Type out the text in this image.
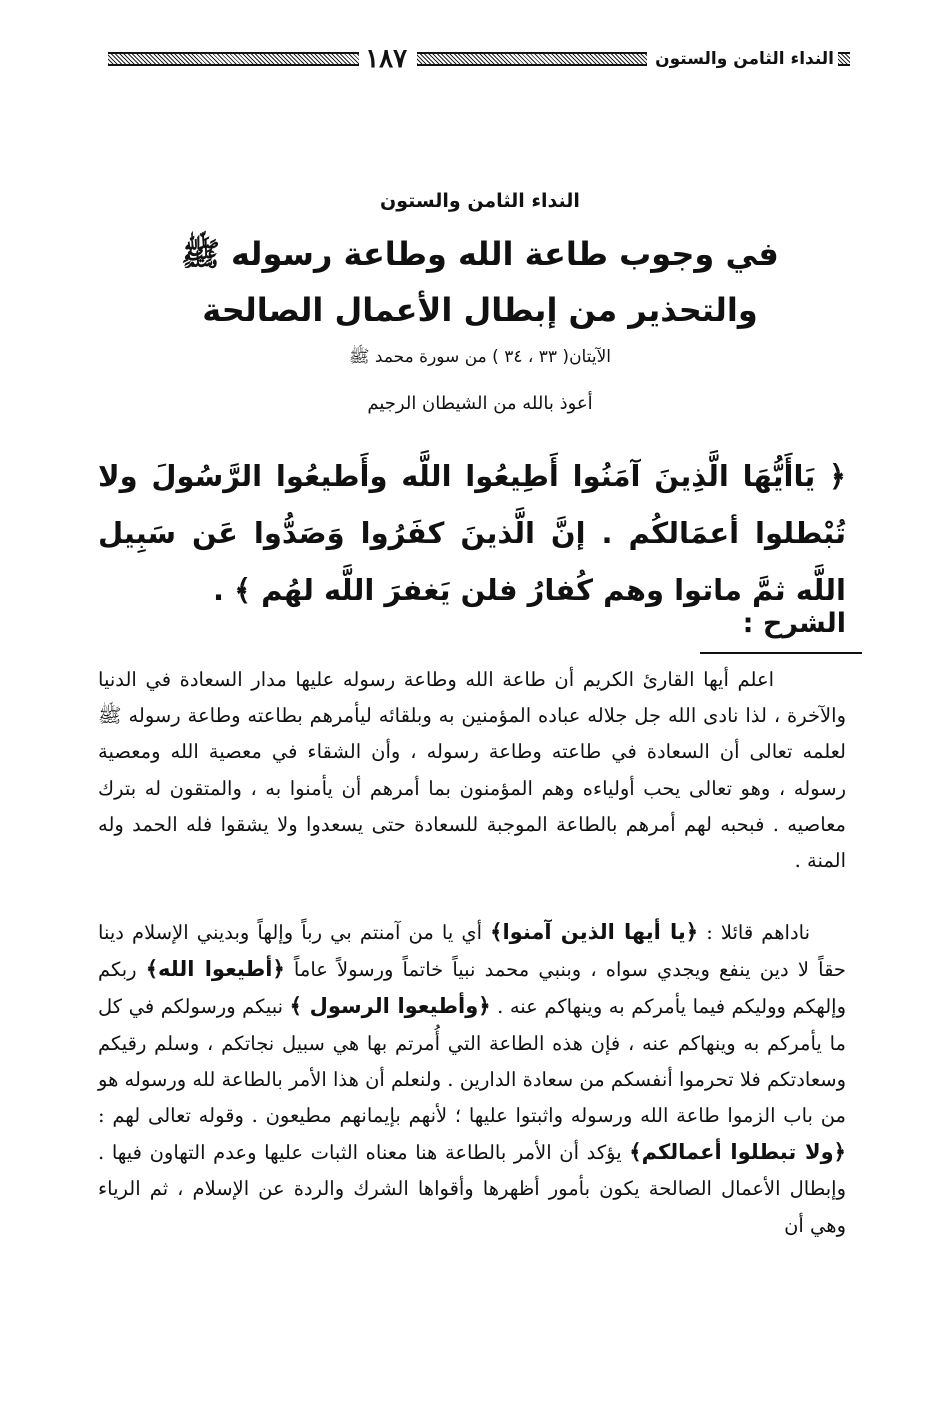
النداء الثامن والستون
١٨٧
النداء الثامن والستون
في وجوب طاعة الله وطاعة رسوله ﷺ
والتحذير من إبطال الأعمال الصالحة
الآيتان( ٣٣ ، ٣٤ ) من سورة محمد ﷺ
أعوذ بالله من الشيطان الرجيم
﴿ يَاأَيُّهَا الَّذِينَ آمَنُوا أَطِيعُوا اللَّه وأَطيعُوا الرَّسُولَ ولا تُبْطلوا أعمَالكُم . إنَّ الَّذينَ كفَرُوا وَصَدُّوا عَن سَبِيل اللَّه ثمَّ ماتوا وهم كُفارُ فلن يَغفرَ اللَّه لهُم ﴾ .
الشرح :

اعلم أيها القارئ الكريم أن طاعة الله وطاعة رسوله عليها مدار السعادة في الدنيا والآخرة ، لذا نادى الله جل جلاله عباده المؤمنين به وبلقائه ليأمرهم بطاعته وطاعة رسوله ﷺ لعلمه تعالى أن السعادة في طاعته وطاعة رسوله ، وأن الشقاء في معصية الله ومعصية رسوله ، وهو تعالى يحب أولياءه وهم المؤمنون بما أمرهم أن يأمنوا به ، والمتقون له بترك معاصيه . فبحبه لهم أمرهم بالطاعة الموجبة للسعادة حتى يسعدوا ولا يشقوا فله الحمد وله المنة .

ناداهم قائلا : ﴿يا أيها الذين آمنوا﴾ أي يا من آمنتم بي رباً وإلهاً وبديني الإسلام دينا حقاً لا دين ينفع ويجدي سواه ، وبنبي محمد نبياً خاتماً ورسولاً عاماً ﴿أطيعوا الله﴾ ربكم وإلهكم ووليكم فيما يأمركم به وينهاكم عنه . ﴿وأطيعوا الرسول ﴾ نبيكم ورسولكم في كل ما يأمركم به وينهاكم عنه ، فإن هذه الطاعة التي أُمرتم بها هي سبيل نجاتكم ، وسلم رقيكم وسعادتكم فلا تحرموا أنفسكم من سعادة الدارين . ولنعلم أن هذا الأمر بالطاعة لله ورسوله هو من باب الزموا طاعة الله ورسوله واثبتوا عليها ؛ لأنهم بإيمانهم مطيعون . وقوله تعالى لهم : ﴿ولا تبطلوا أعمالكم﴾ يؤكد أن الأمر بالطاعة هنا معناه الثبات عليها وعدم التهاون فيها . وإبطال الأعمال الصالحة يكون بأمور أظهرها وأقواها الشرك والردة عن الإسلام ، ثم الرياء وهي أن
